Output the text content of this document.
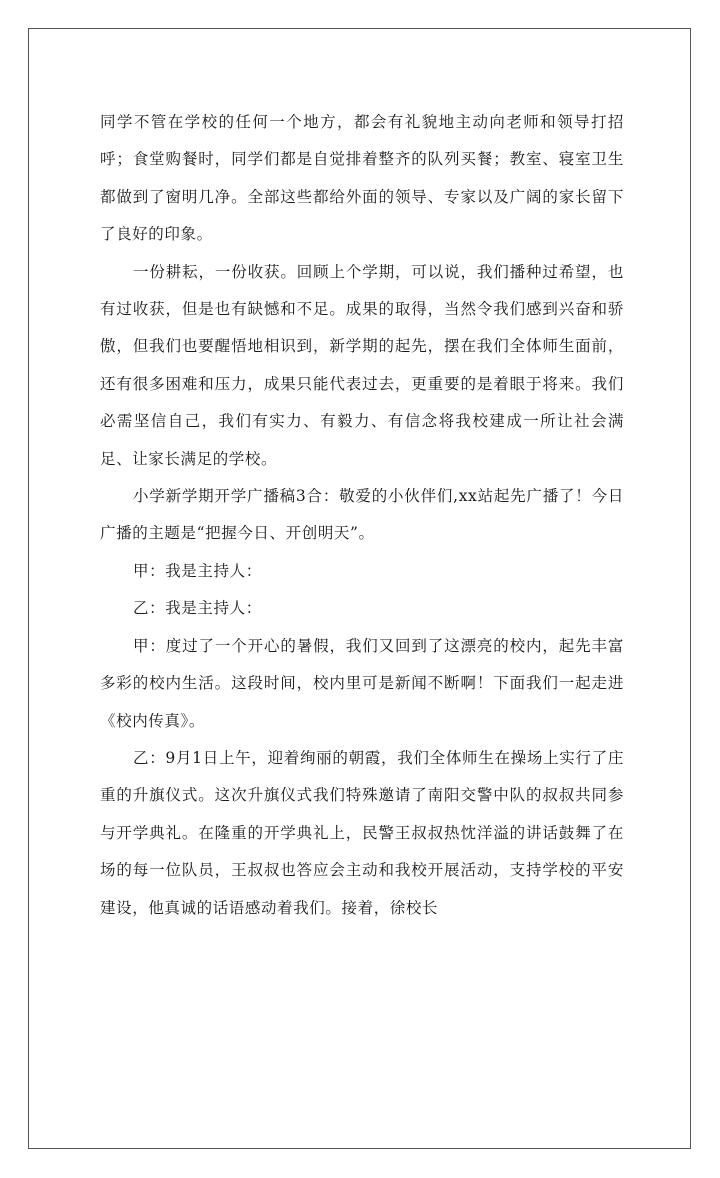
同学不管在学校的任何一个地方，都会有礼貌地主动向老师和领导打招呼；食堂购餐时，同学们都是自觉排着整齐的队列买餐；教室、寝室卫生都做到了窗明几净。全部这些都给外面的领导、专家以及广阔的家长留下了良好的印象。

一份耕耘，一份收获。回顾上个学期，可以说，我们播种过希望，也有过收获，但是也有缺憾和不足。成果的取得，当然令我们感到兴奋和骄傲，但我们也要醒悟地相识到，新学期的起先，摆在我们全体师生面前，还有很多困难和压力，成果只能代表过去，更重要的是着眼于将来。我们必需坚信自己，我们有实力、有毅力、有信念将我校建成一所让社会满足、让家长满足的学校。

小学新学期开学广播稿3合：敬爱的小伙伴们,xx站起先广播了！今日广播的主题是“把握今日、开创明天”。

甲：我是主持人：

乙：我是主持人：

甲：度过了一个开心的暑假，我们又回到了这漂亮的校内，起先丰富多彩的校内生活。这段时间，校内里可是新闻不断啊！下面我们一起走进《校内传真》。

乙：9月1日上午，迎着绚丽的朝霞，我们全体师生在操场上实行了庄重的升旗仪式。这次升旗仪式我们特殊邀请了南阳交警中队的叔叔共同参与开学典礼。在隆重的开学典礼上，民警王叔叔热忱洋溢的讲话鼓舞了在场的每一位队员，王叔叔也答应会主动和我校开展活动，支持学校的平安建设，他真诚的话语感动着我们。接着，徐校长
